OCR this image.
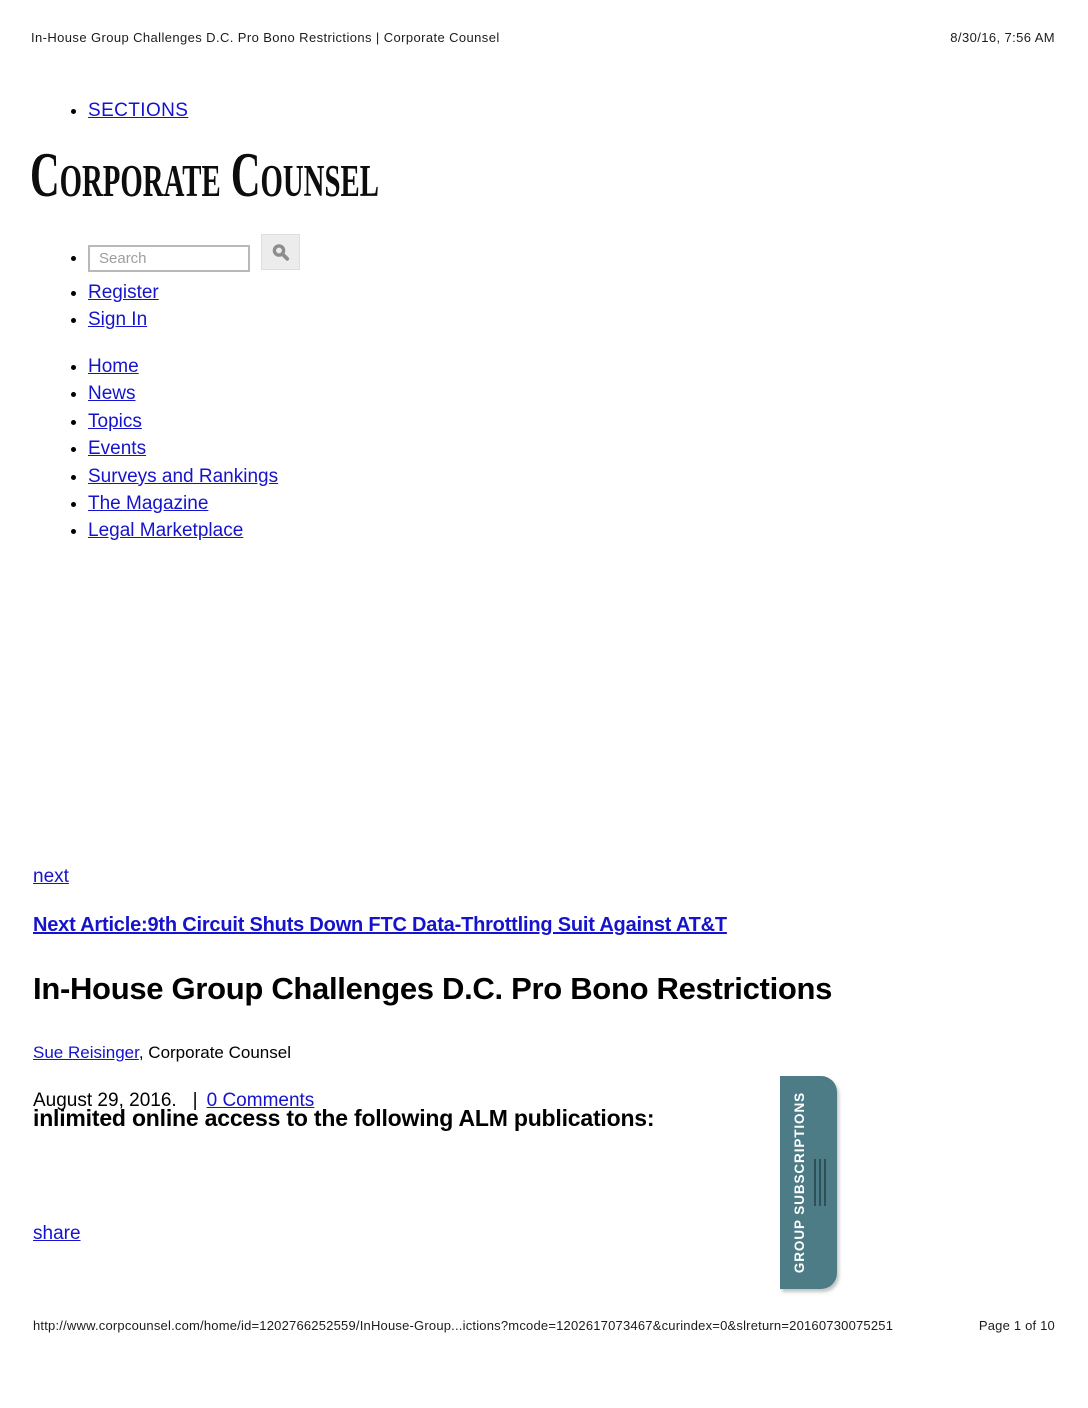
In-House Group Challenges D.C. Pro Bono Restrictions | Corporate Counsel	8/30/16, 7:56 AM
• SECTIONS
Corporate Counsel
• Search
• Register
• Sign In
• Home
• News
• Topics
• Events
• Surveys and Rankings
• The Magazine
• Legal Marketplace
next
Next Article:9th Circuit Shuts Down FTC Data-Throttling Suit Against AT&T
In-House Group Challenges D.C. Pro Bono Restrictions
Sue Reisinger, Corporate Counsel
August 29, 2016. | 0 Comments
inlimited online access to the following ALM publications:
share	GROUP SUBSCRIPTIONS
http://www.corpcounsel.com/home/id=1202766252559/InHouse-Group...ictions?mcode=1202617073467&curindex=0&slreturn=20160730075251	Page 1 of 10
